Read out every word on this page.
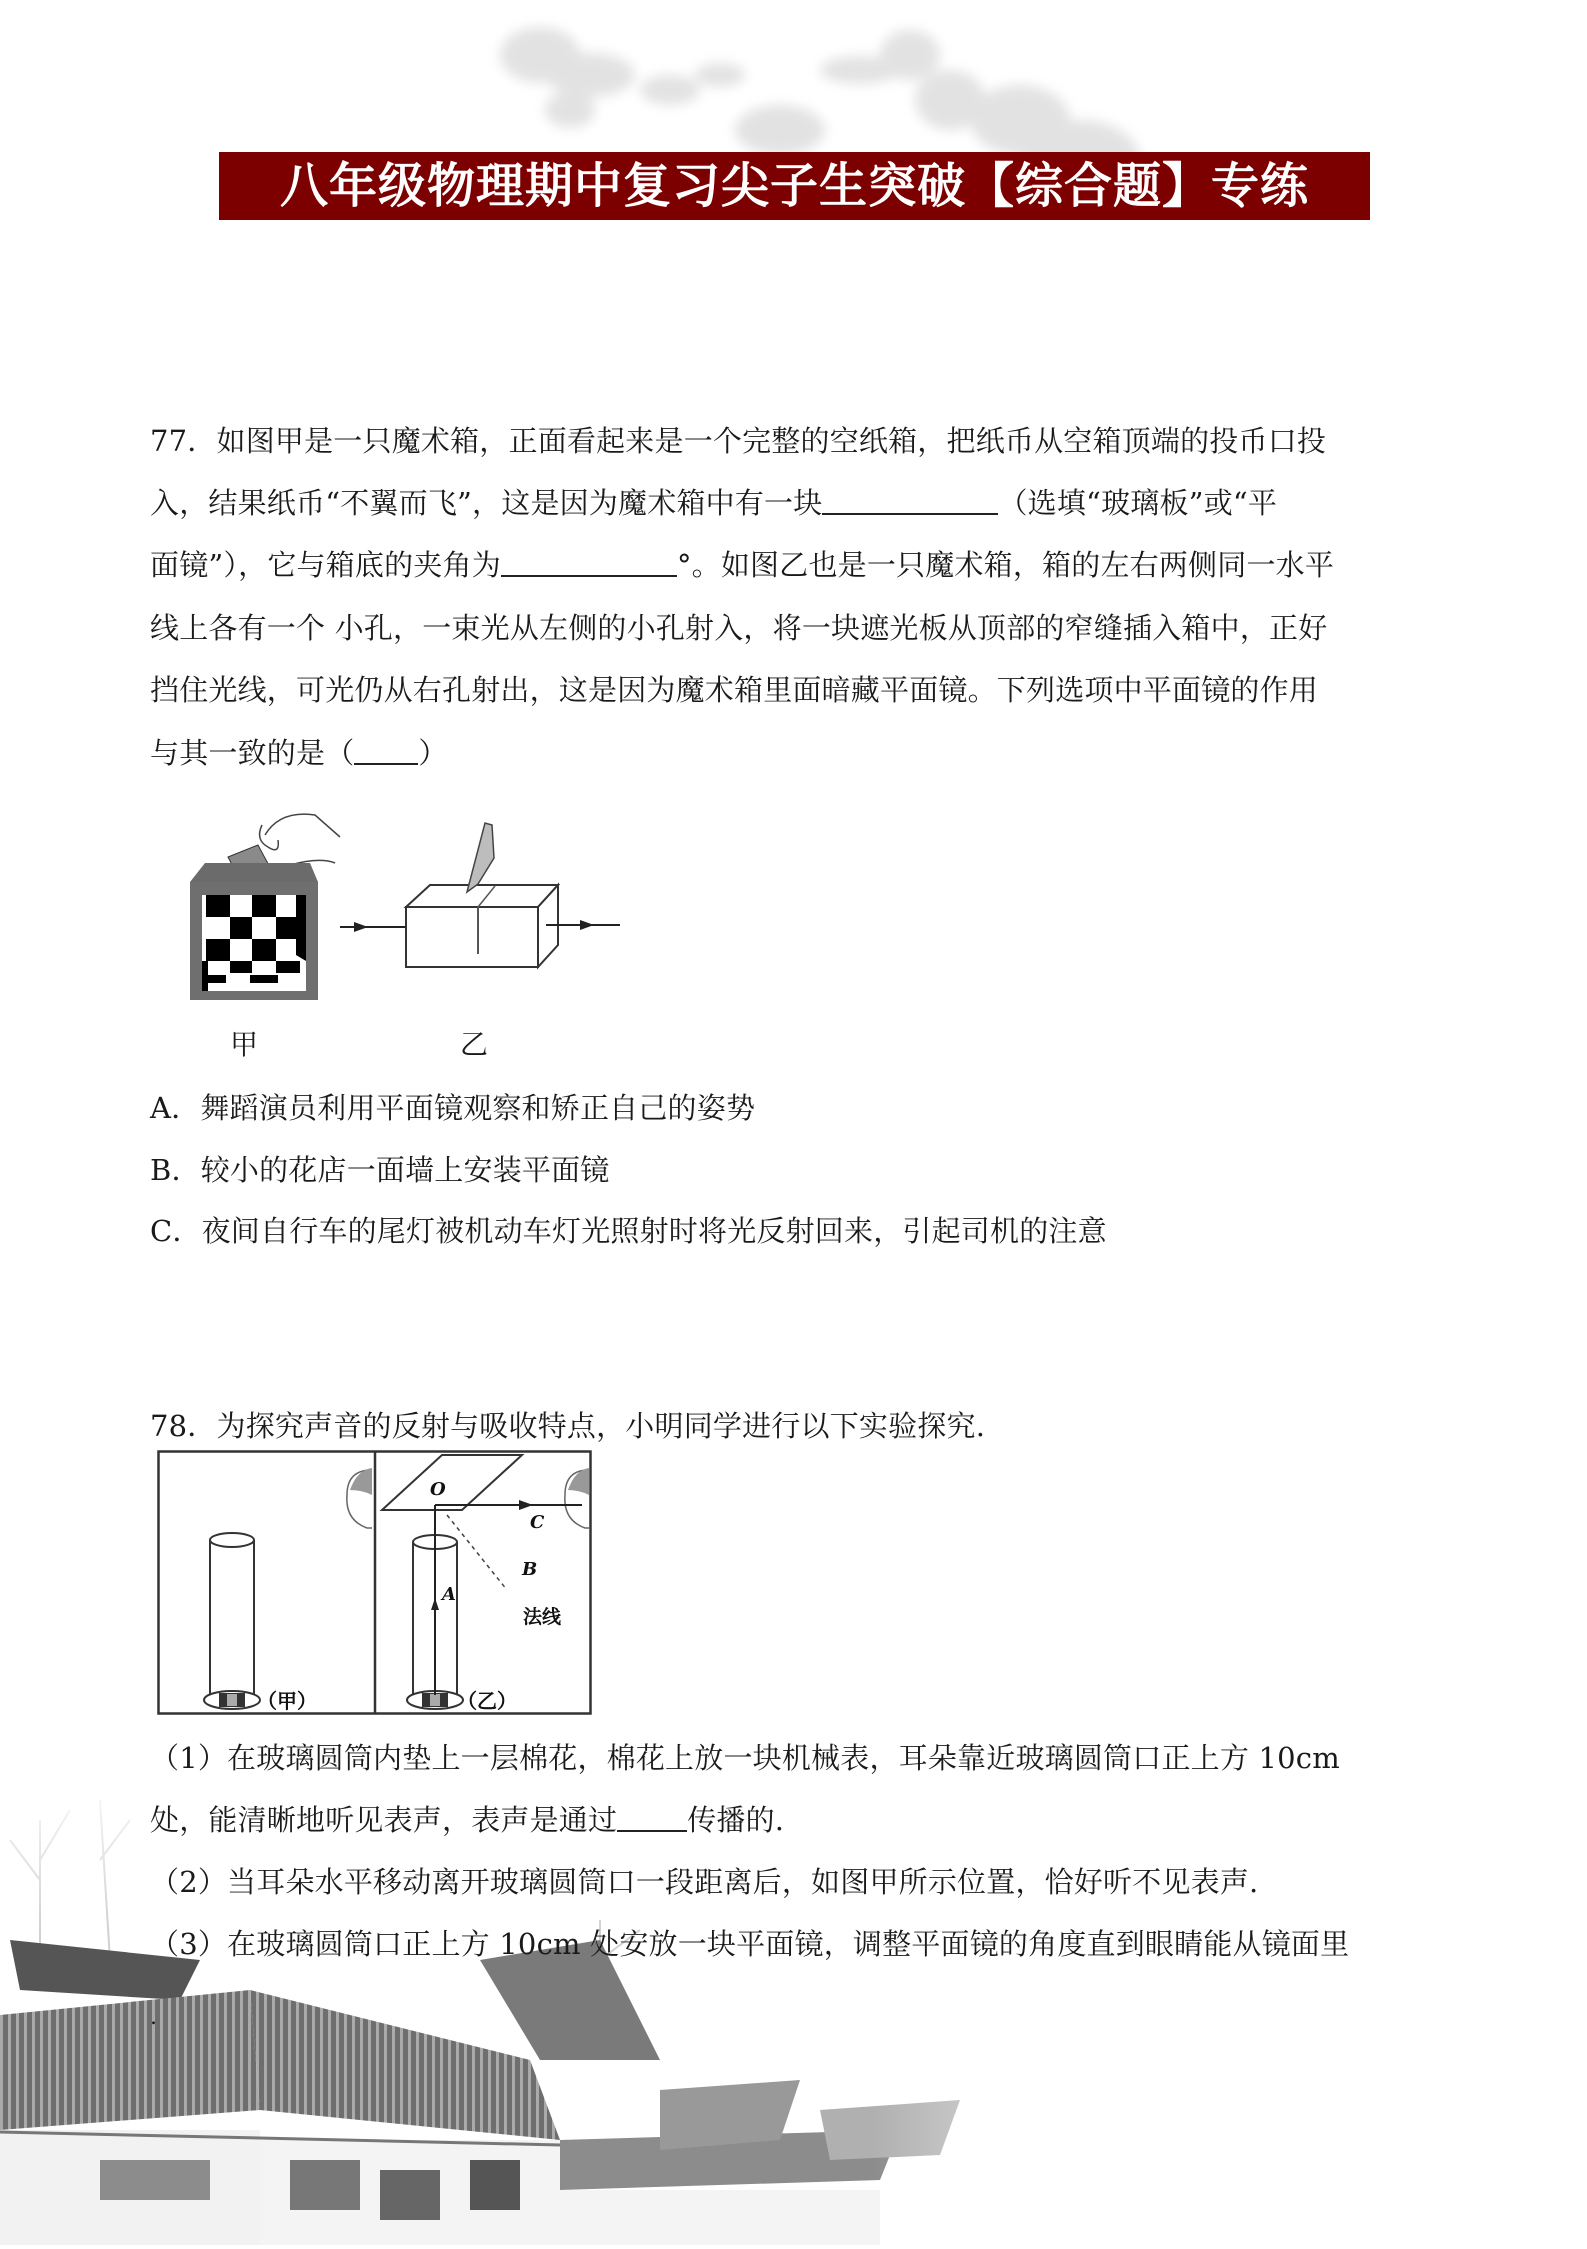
八年级物理期中复习尖子生突破【综合题】专练
77．如图甲是一只魔术箱，正面看起来是一个完整的空纸箱，把纸币从空箱顶端的投币口投
入，结果纸币“不翼而飞”，这是因为魔术箱中有一块	（选填“玻璃板”或“平
面镜”），它与箱底的夹角为	°。如图乙也是一只魔术箱，箱的左右两侧同一水平
线上各有一个 小孔，一束光从左侧的小孔射入，将一块遮光板从顶部的窄缝插入箱中，正好
挡住光线，可光仍从右孔射出，这是因为魔术箱里面暗藏平面镜。下列选项中平面镜的作用
与其一致的是（ ）
甲	乙
A．舞蹈演员利用平面镜观察和矫正自己的姿势
B．较小的花店一面墙上安装平面镜
C．夜间自行车的尾灯被机动车灯光照射时将光反射回来，引起司机的注意
78．为探究声音的反射与吸收特点，小明同学进行以下实验探究.
O
C
B
A
法线
（甲）	（乙）
（1）在玻璃圆筒内垫上一层棉花，棉花上放一块机械表，耳朵靠近玻璃圆筒口正上方 10cm
处，能清晰地听见表声，表声是通过 传播的.
（2）当耳朵水平移动离开玻璃圆筒口一段距离后，如图甲所示位置，恰好听不见表声.
（3）在玻璃圆筒口正上方 10cm 处安放一块平面镜，调整平面镜的角度直到眼睛能从镜面里
.
